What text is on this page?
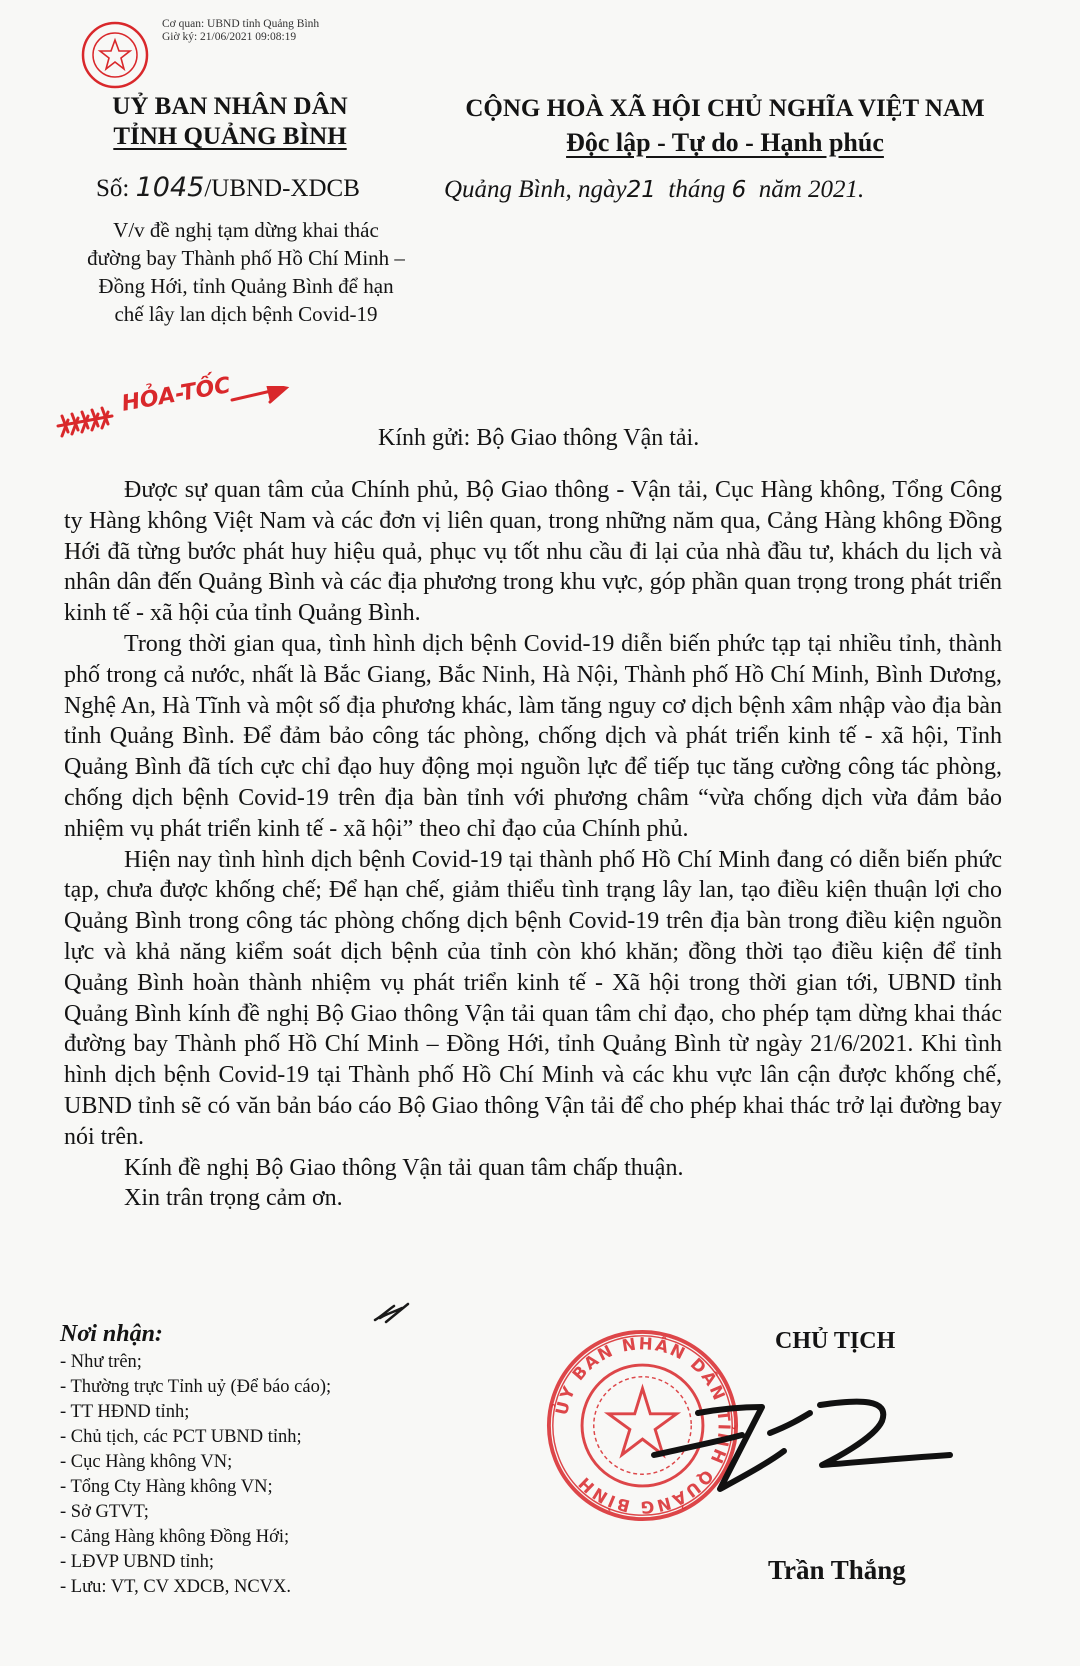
Cơ quan: UBND tỉnh Quảng Bình
Giờ ký: 21/06/2021 09:08:19
UỶ BAN NHÂN DÂN
TỈNH QUẢNG BÌNH
CỘNG HOÀ XÃ HỘI CHỦ NGHĨA VIỆT NAM
Độc lập - Tự do - Hạnh phúc
Số: 1045/UBND-XDCB	Quảng Bình, ngày21 tháng 6 năm 2021.
V/v đề nghị tạm dừng khai thác đường bay Thành phố Hồ Chí Minh – Đồng Hới, tỉnh Quảng Bình để hạn chế lây lan dịch bệnh Covid-19
HỎA-TỐC
Kính gửi: Bộ Giao thông Vận tải.

Được sự quan tâm của Chính phủ, Bộ Giao thông - Vận tải, Cục Hàng không, Tổng Công ty Hàng không Việt Nam và các đơn vị liên quan, trong những năm qua, Cảng Hàng không Đồng Hới đã từng bước phát huy hiệu quả, phục vụ tốt nhu cầu đi lại của nhà đầu tư, khách du lịch và nhân dân đến Quảng Bình và các địa phương trong khu vực, góp phần quan trọng trong phát triển kinh tế - xã hội của tỉnh Quảng Bình.

Trong thời gian qua, tình hình dịch bệnh Covid-19 diễn biến phức tạp tại nhiều tỉnh, thành phố trong cả nước, nhất là Bắc Giang, Bắc Ninh, Hà Nội, Thành phố Hồ Chí Minh, Bình Dương, Nghệ An, Hà Tĩnh và một số địa phương khác, làm tăng nguy cơ dịch bệnh xâm nhập vào địa bàn tỉnh Quảng Bình. Để đảm bảo công tác phòng, chống dịch và phát triển kinh tế - xã hội, Tỉnh Quảng Bình đã tích cực chỉ đạo huy động mọi nguồn lực để tiếp tục tăng cường công tác phòng, chống dịch bệnh Covid-19 trên địa bàn tỉnh với phương châm “vừa chống dịch vừa đảm bảo nhiệm vụ phát triển kinh tế - xã hội” theo chỉ đạo của Chính phủ.

Hiện nay tình hình dịch bệnh Covid-19 tại thành phố Hồ Chí Minh đang có diễn biến phức tạp, chưa được khống chế; Để hạn chế, giảm thiểu tình trạng lây lan, tạo điều kiện thuận lợi cho Quảng Bình trong công tác phòng chống dịch bệnh Covid-19 trên địa bàn trong điều kiện nguồn lực và khả năng kiểm soát dịch bệnh của tỉnh còn khó khăn; đồng thời tạo điều kiện để tỉnh Quảng Bình hoàn thành nhiệm vụ phát triển kinh tế - Xã hội trong thời gian tới, UBND tỉnh Quảng Bình kính đề nghị Bộ Giao thông Vận tải quan tâm chỉ đạo, cho phép tạm dừng khai thác đường bay Thành phố Hồ Chí Minh – Đồng Hới, tỉnh Quảng Bình từ ngày 21/6/2021. Khi tình hình dịch bệnh Covid-19 tại Thành phố Hồ Chí Minh và các khu vực lân cận được khống chế, UBND tỉnh sẽ có văn bản báo cáo Bộ Giao thông Vận tải để cho phép khai thác trở lại đường bay nói trên.

Kính đề nghị Bộ Giao thông Vận tải quan tâm chấp thuận.

Xin trân trọng cảm ơn.

Nơi nhận:
- Như trên;
- Thường trực Tỉnh uỷ (Để báo cáo);
- TT HĐND tỉnh;
- Chủ tịch, các PCT UBND tỉnh;
- Cục Hàng không VN;
- Tổng Cty Hàng không VN;
- Sở GTVT;
- Cảng Hàng không Đồng Hới;
- LĐVP UBND tỉnh;
- Lưu: VT, CV XDCB, NCVX.
ỦY BAN NHÂN DÂN TỈNH QUẢNG BÌNH
CHỦ TỊCH
Trần Thắng
